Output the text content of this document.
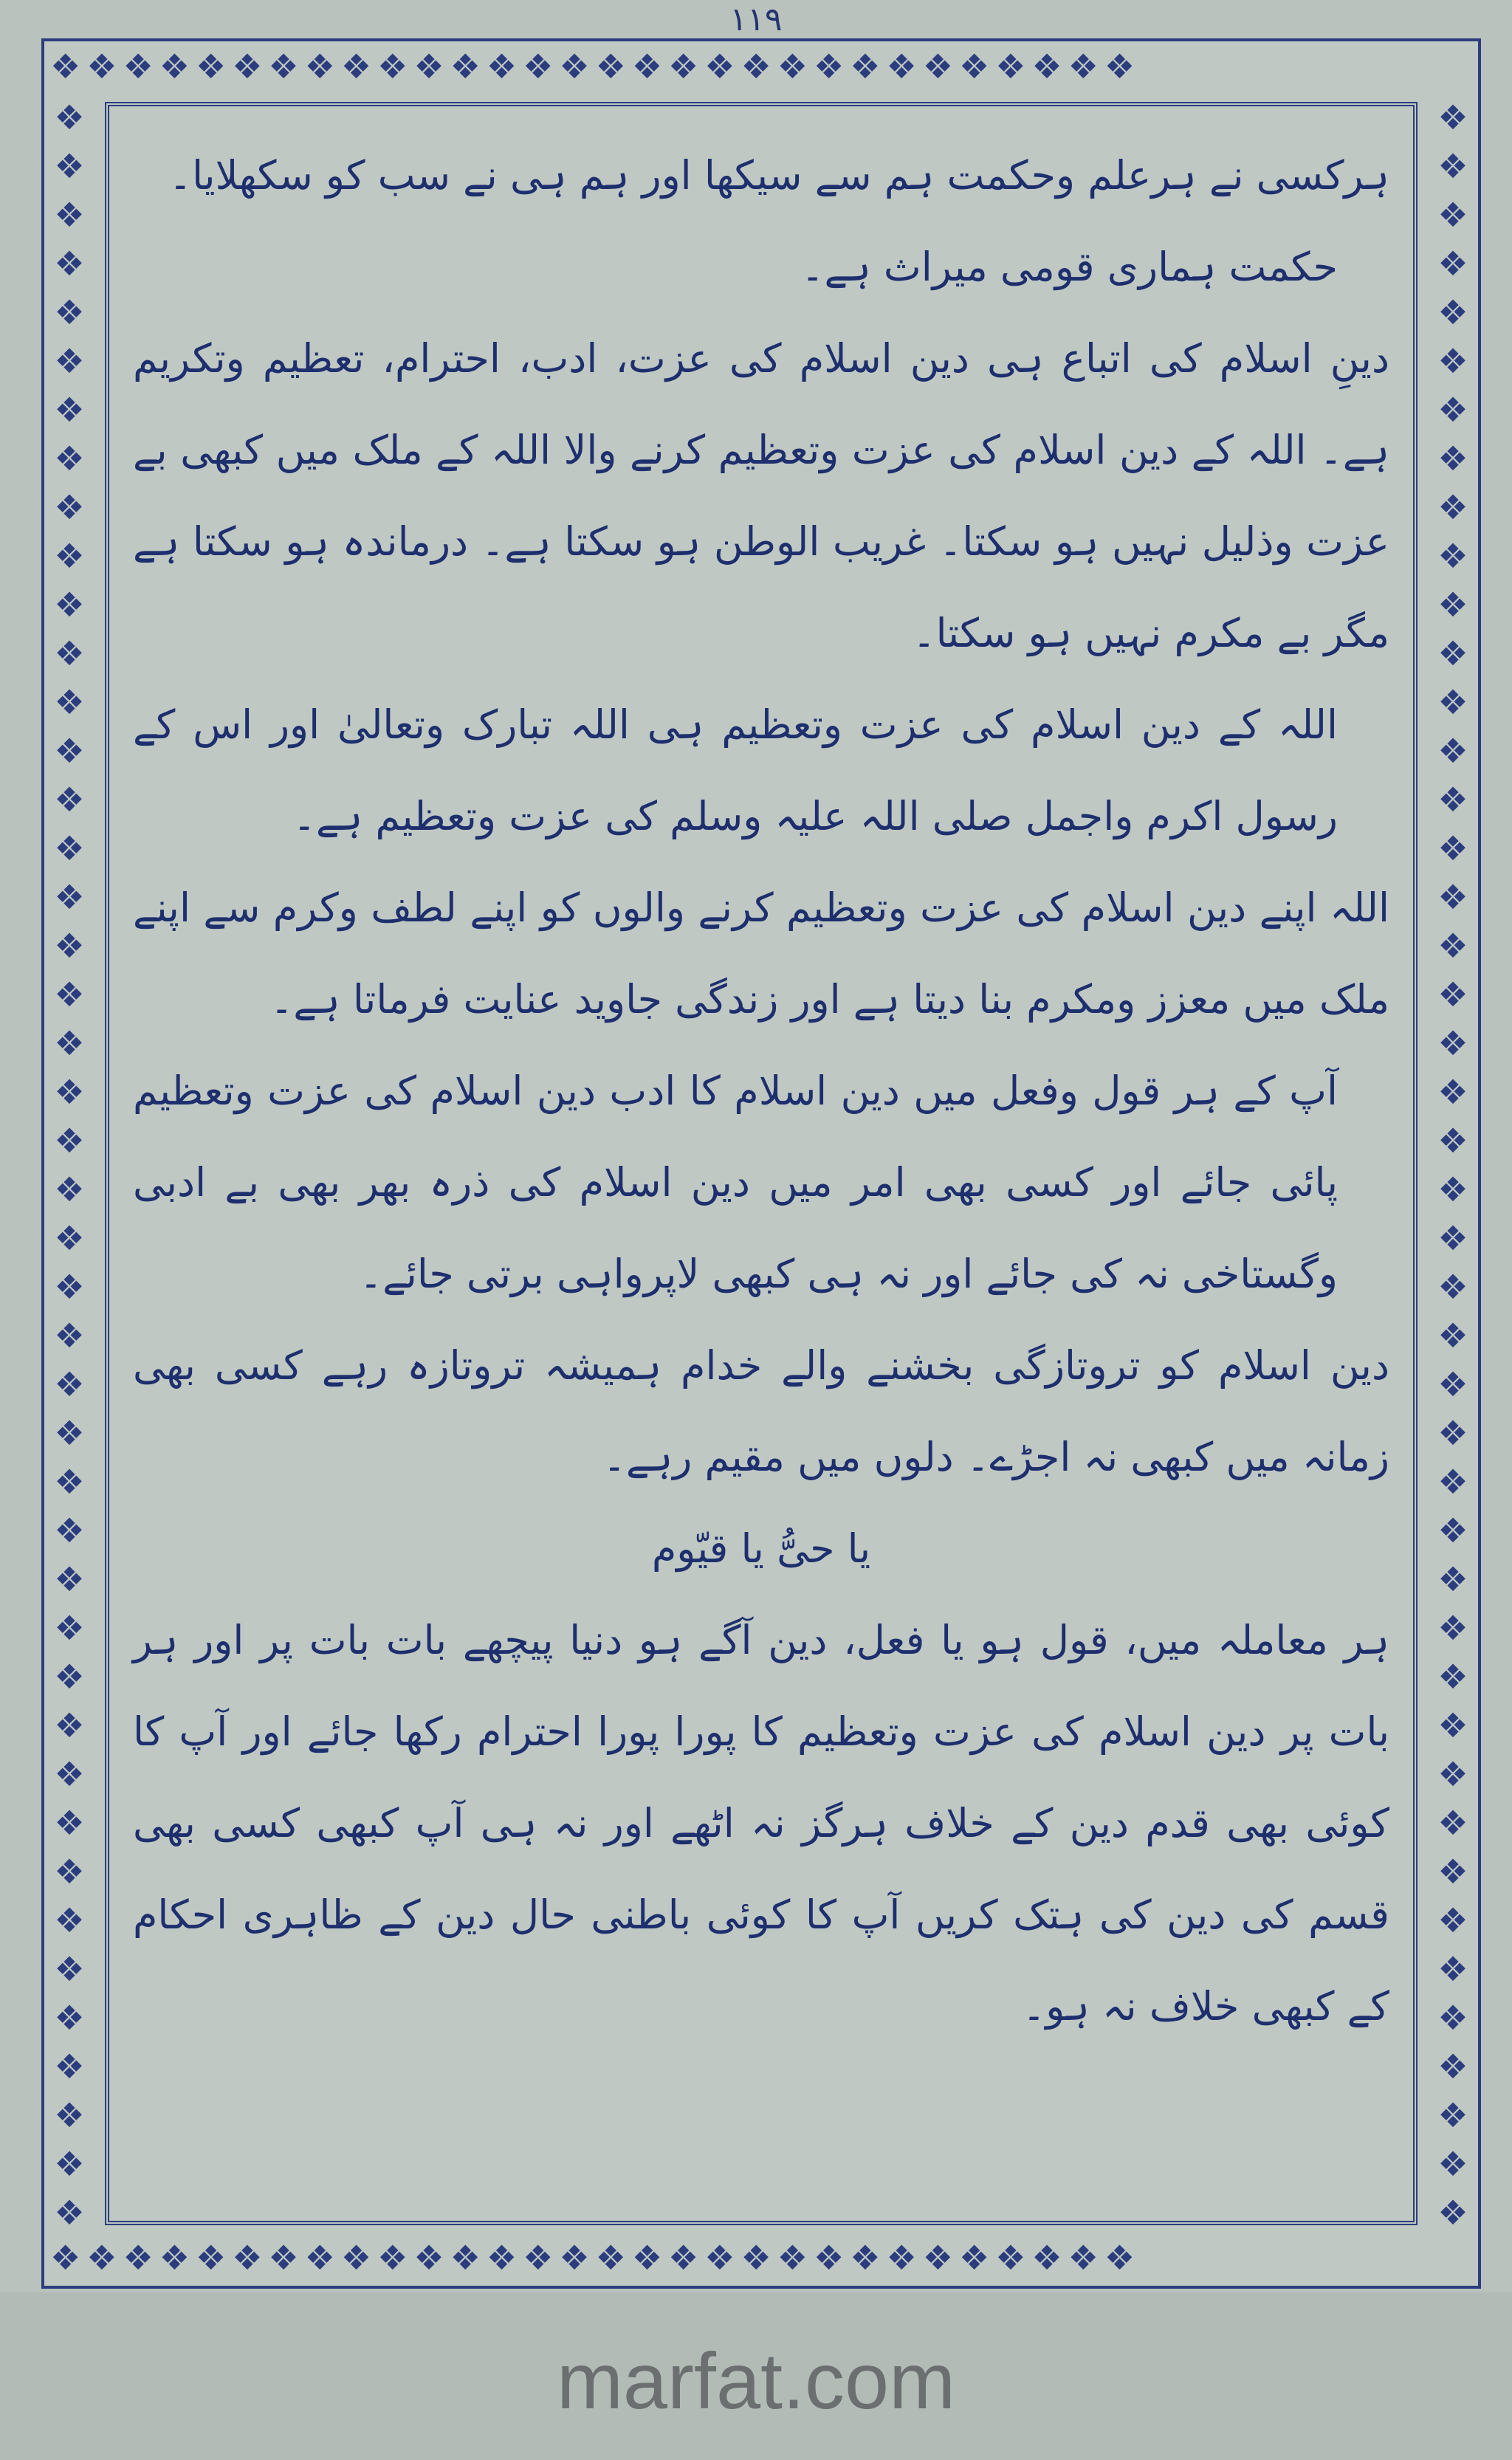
۱۱۹
❖❖❖❖❖❖❖❖❖❖❖❖❖❖❖❖❖❖❖❖❖❖❖❖❖❖❖❖❖❖
❖❖❖❖❖❖❖❖❖❖❖❖❖❖❖❖❖❖❖❖❖❖❖❖❖❖❖❖❖❖
❖❖❖❖❖❖❖❖❖❖❖❖❖❖❖❖❖❖❖❖❖❖❖❖❖❖❖❖❖❖❖❖❖❖❖❖❖❖❖❖❖❖❖❖
❖❖❖❖❖❖❖❖❖❖❖❖❖❖❖❖❖❖❖❖❖❖❖❖❖❖❖❖❖❖❖❖❖❖❖❖❖❖❖❖❖❖❖❖

ہرکسی نے ہرعلم وحکمت ہم سے سیکھا اور ہم ہی نے سب کو سکھلایا۔

حکمت ہماری قومی میراث ہے۔

دینِ اسلام کی اتباع ہی دین اسلام کی عزت، ادب، احترام، تعظیم وتکریم ہے۔ اللہ کے دین اسلام کی عزت وتعظیم کرنے والا اللہ کے ملک میں کبھی بے عزت وذلیل نہیں ہو سکتا۔ غریب الوطن ہو سکتا ہے۔ درماندہ ہو سکتا ہے مگر بے مکرم نہیں ہو سکتا۔

اللہ کے دین اسلام کی عزت وتعظیم ہی اللہ تبارک وتعالیٰ اور اس کے رسول اکرم واجمل صلی اللہ علیہ وسلم کی عزت وتعظیم ہے۔

اللہ اپنے دین اسلام کی عزت وتعظیم کرنے والوں کو اپنے لطف وکرم سے اپنے ملک میں معزز ومکرم بنا دیتا ہے اور زندگی جاوید عنایت فرماتا ہے۔

آپ کے ہر قول وفعل میں دین اسلام کا ادب دین اسلام کی عزت وتعظیم پائی جائے اور کسی بھی امر میں دین اسلام کی ذرہ بھر بھی بے ادبی وگستاخی نہ کی جائے اور نہ ہی کبھی لاپرواہی برتی جائے۔

دین اسلام کو تروتازگی بخشنے والے خدام ہمیشہ تروتازہ رہے کسی بھی زمانہ میں کبھی نہ اجڑے۔ دلوں میں مقیم رہے۔

یا حیُّ یا قیّوم

ہر معاملہ میں، قول ہو یا فعل، دین آگے ہو دنیا پیچھے بات بات پر اور ہر بات پر دین اسلام کی عزت وتعظیم کا پورا پورا احترام رکھا جائے اور آپ کا کوئی بھی قدم دین کے خلاف ہرگز نہ اٹھے اور نہ ہی آپ کبھی کسی بھی قسم کی دین کی ہتک کریں آپ کا کوئی باطنی حال دین کے ظاہری احکام کے کبھی خلاف نہ ہو۔

marfat.com
